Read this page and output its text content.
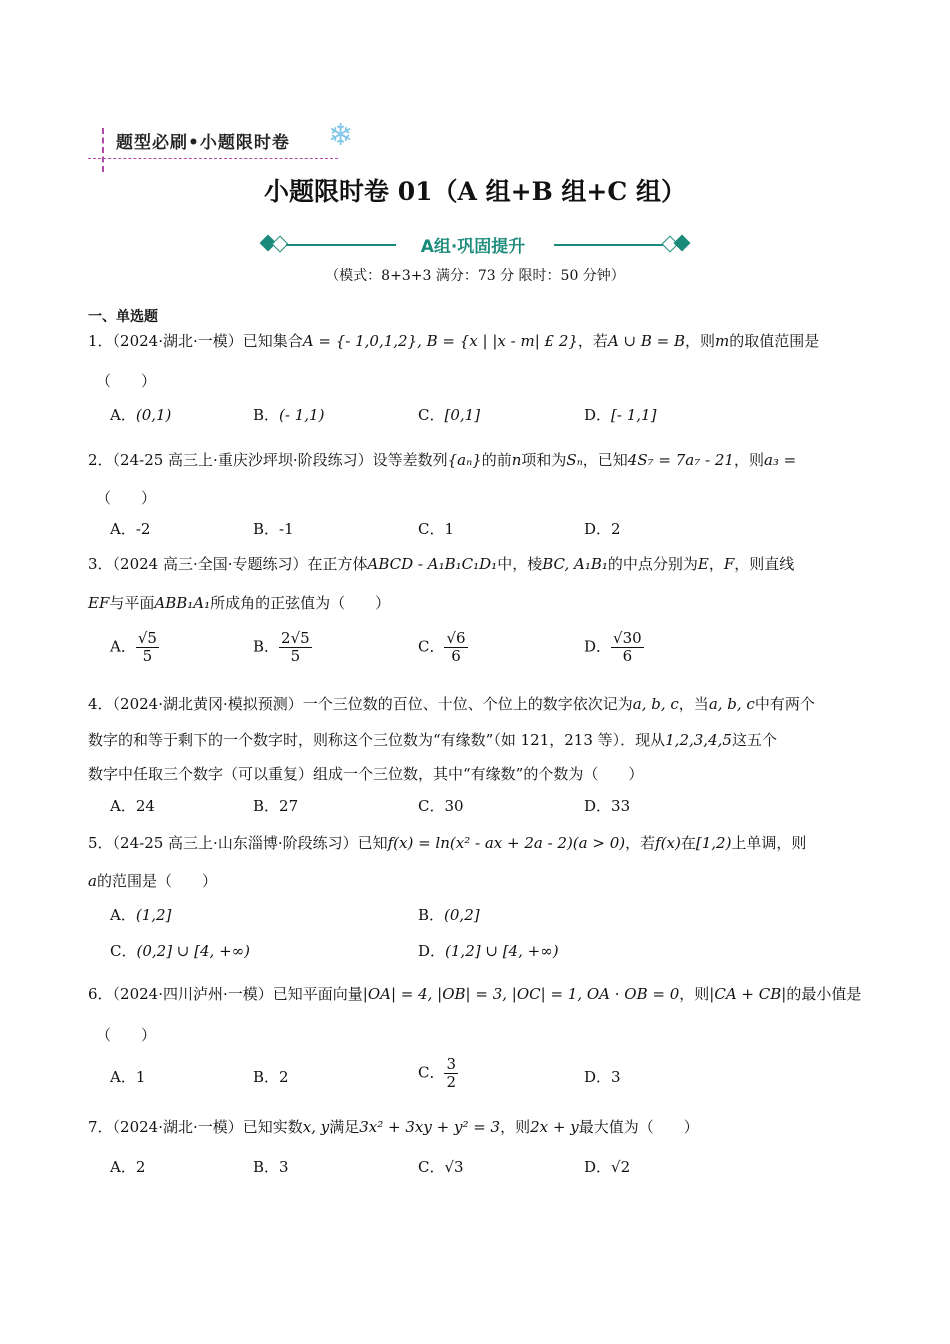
题型必刷•小题限时卷 ❄
小题限时卷 01（A 组+B 组+C 组）
A组·巩固提升
（模式：8+3+3 满分：73 分 限时：50 分钟）
一、单选题
1．（2024·湖北·一模）已知集合A = {- 1,0,1,2}, B = {x | |x - m| £ 2}，若A ∪ B = B，则m的取值范围是
（　　）
A．(0,1)	B．(- 1,1)	C．[0,1]	D．[- 1,1]
2．（24-25 高三上·重庆沙坪坝·阶段练习）设等差数列{aₙ}的前n项和为Sₙ，已知4S₇ = 7a₇ - 21，则a₃ =
（　　）
A．-2	B．-1	C．1	D．2
3．（2024 高三·全国·专题练习）在正方体ABCD - A₁B₁C₁D₁中，棱BC, A₁B₁的中点分别为E，F，则直线
EF与平面ABB₁A₁所成角的正弦值为（　　）
A． $\frac{√5}{5}$	B． $\frac{2√5}{5}$	C． $\frac{√6}{6}$	D． $\frac{√30}{6}$
4．（2024·湖北黄冈·模拟预测）一个三位数的百位、十位、个位上的数字依次记为a, b, c，当a, b, c中有两个
数字的和等于剩下的一个数字时，则称这个三位数为“有缘数”（如 121，213 等）．现从1,2,3,4,5这五个
数字中任取三个数字（可以重复）组成一个三位数，其中“有缘数”的个数为（　　）
A．24	B．27	C．30	D．33
5．（24-25 高三上·山东淄博·阶段练习）已知f(x) = ln(x² - ax + 2a - 2)(a > 0)，若f(x)在[1,2)上单调，则
a的范围是（　　）
A．(1,2]	B．(0,2]
C．(0,2] ∪ [4, +∞)	D．(1,2] ∪ [4, +∞)
6．（2024·四川泸州·一模）已知平面向量|OA| = 4, |OB| = 3, |OC| = 1, OA · OB = 0，则|CA + CB|的最小值是
（　　）
A．1	B．2	C． $\frac{3}{2}$	D．3
7．（2024·湖北·一模）已知实数x, y满足3x² + 3xy + y² = 3，则2x + y最大值为（　　）
A．2	B．3	C．√3	D．√2
